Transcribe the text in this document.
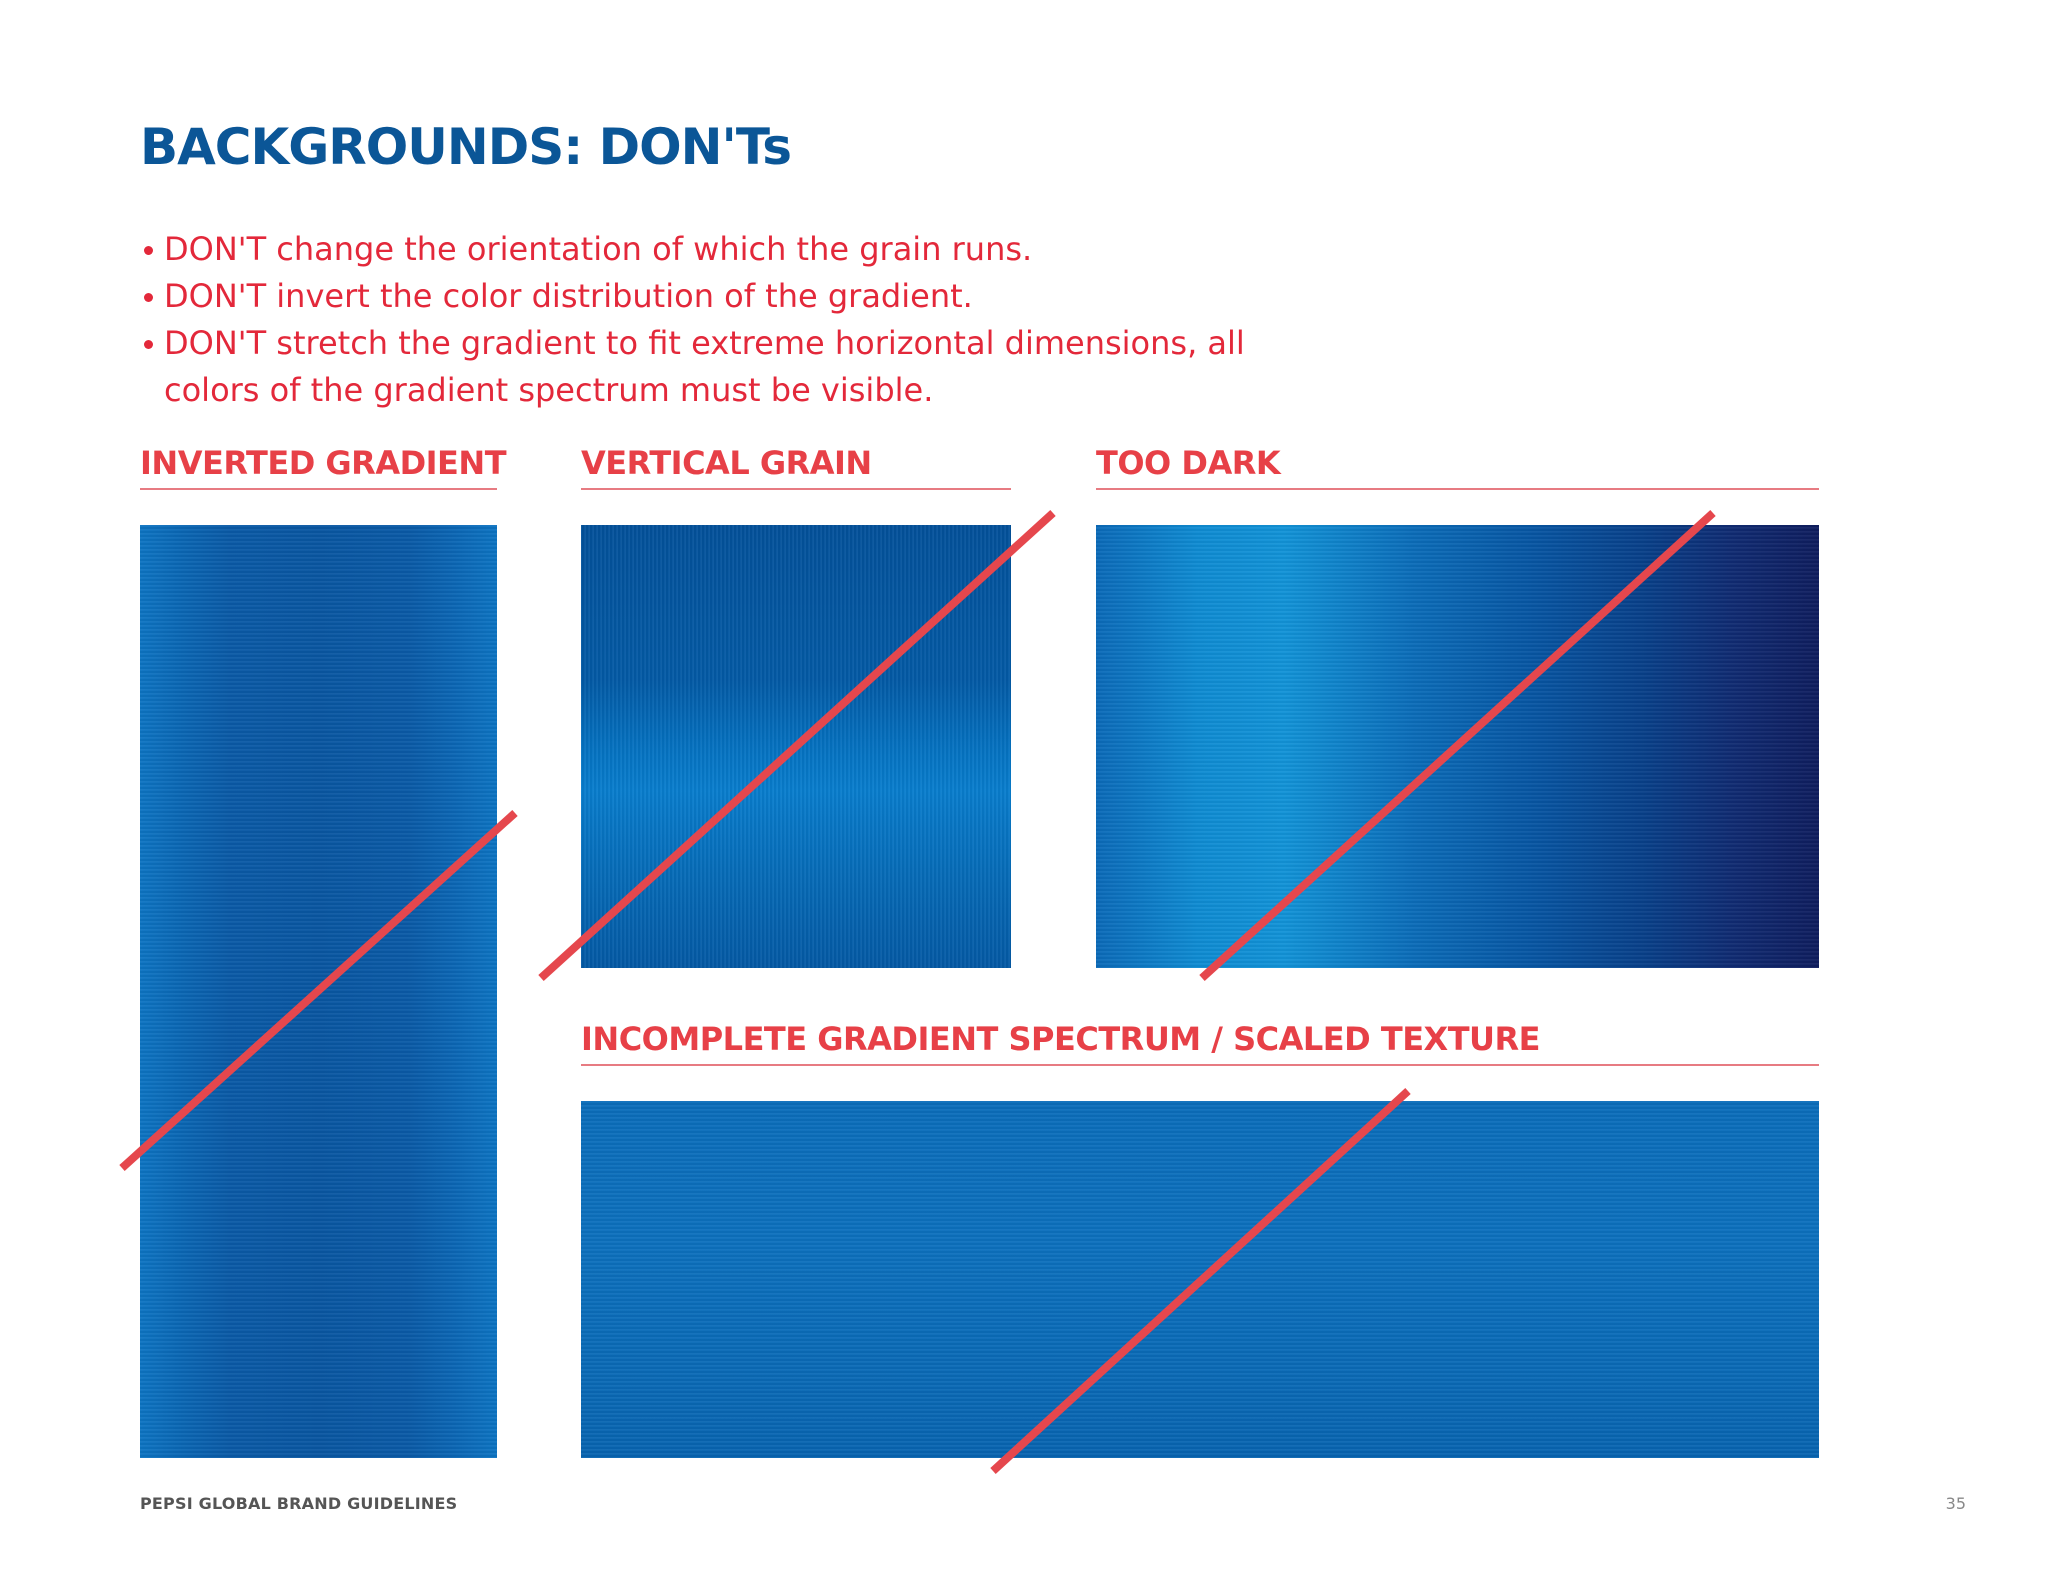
BACKGROUNDS: DON'Ts
DON'T change the orientation of which the grain runs.
DON'T invert the color distribution of the gradient.
DON'T stretch the gradient to fit extreme horizontal dimensions, all colors of the gradient spectrum must be visible.
INVERTED GRADIENT VERTICAL GRAIN	TOO DARK
INCOMPLETE GRADIENT SPECTRUM / SCALED TEXTURE
PEPSI GLOBAL BRAND GUIDELINES	35
